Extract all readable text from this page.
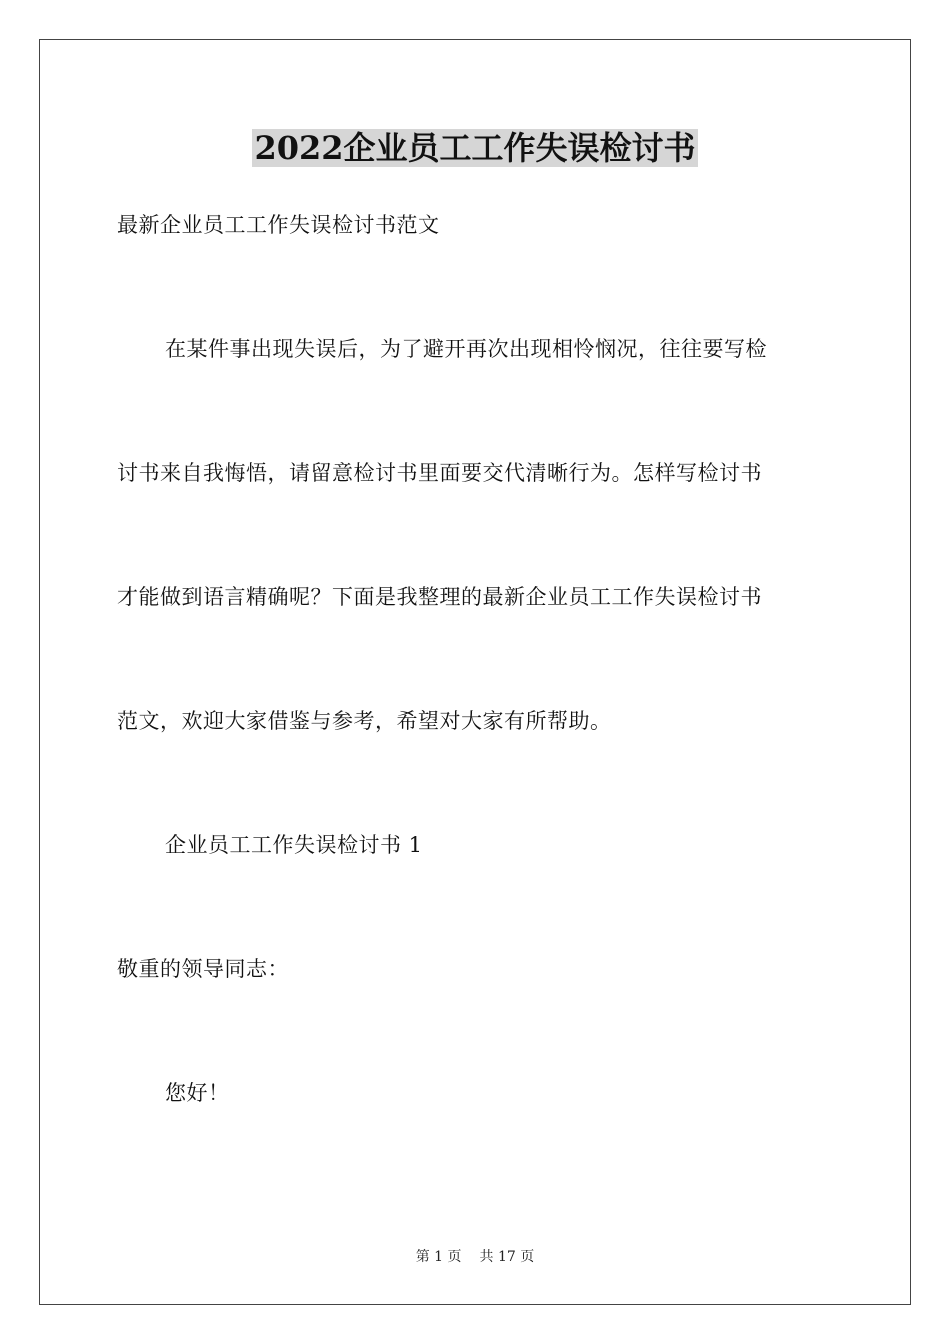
2022企业员工工作失误检讨书
最新企业员工工作失误检讨书范文
在某件事出现失误后，为了避开再次出现相怜悯况，往往要写检
讨书来自我悔悟，请留意检讨书里面要交代清晰行为。怎样写检讨书
才能做到语言精确呢？下面是我整理的最新企业员工工作失误检讨书
范文，欢迎大家借鉴与参考，希望对大家有所帮助。
企业员工工作失误检讨书 1
敬重的领导同志：
您好！
第 1 页 共 17 页
